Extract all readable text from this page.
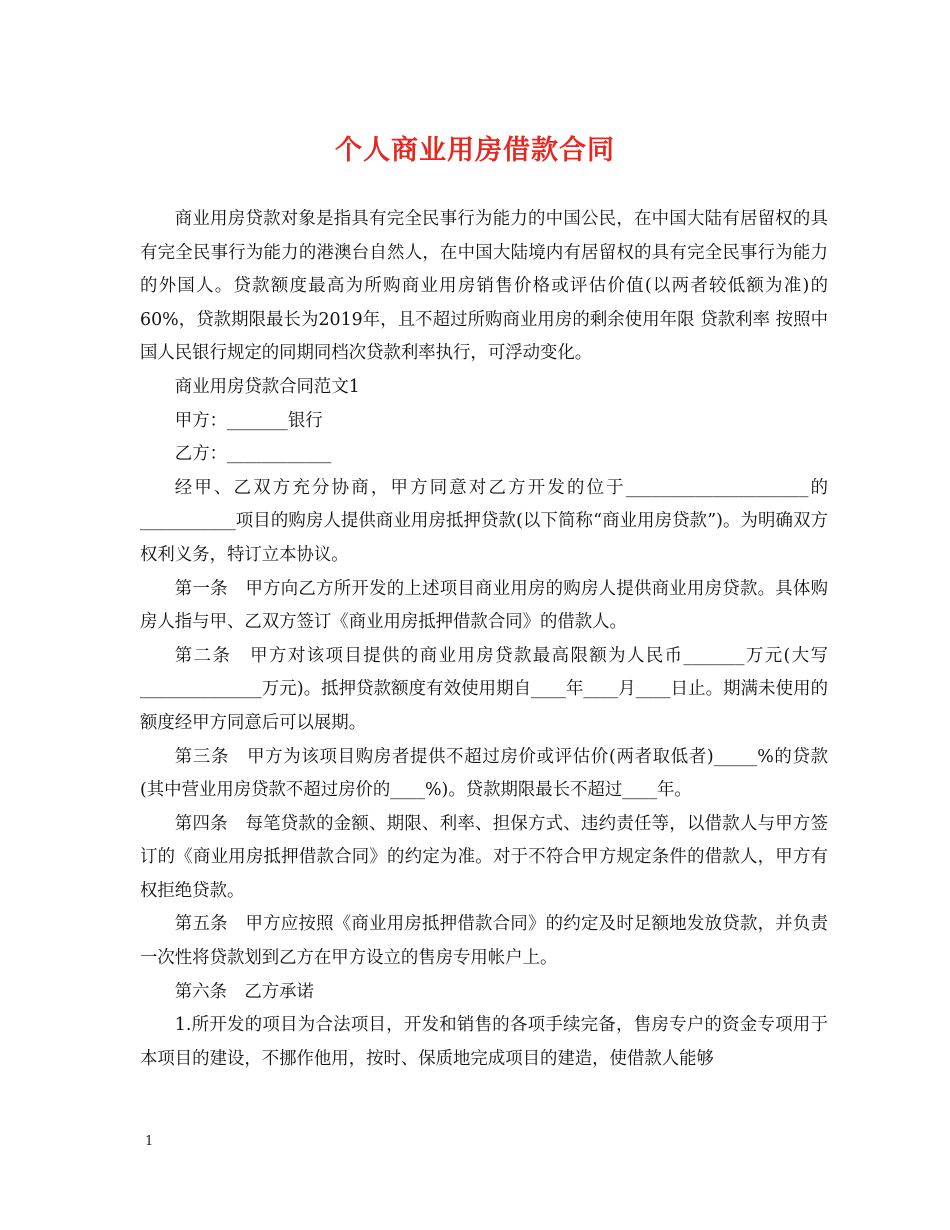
个人商业用房借款合同

商业用房贷款对象是指具有完全民事行为能力的中国公民，在中国大陆有居留权的具有完全民事行为能力的港澳台自然人，在中国大陆境内有居留权的具有完全民事行为能力的外国人。贷款额度最高为所购商业用房销售价格或评估价值(以两者较低额为准)的60%，贷款期限最长为2019年，且不超过所购商业用房的剩余使用年限 贷款利率 按照中国人民银行规定的同期同档次贷款利率执行，可浮动变化。

商业用房贷款合同范文1

甲方：_______银行

乙方：____________

经甲、乙双方充分协商，甲方同意对乙方开发的位于_____________________的___________项目的购房人提供商业用房抵押贷款(以下简称“商业用房贷款”)。为明确双方权利义务，特订立本协议。

第一条　甲方向乙方所开发的上述项目商业用房的购房人提供商业用房贷款。具体购房人指与甲、乙双方签订《商业用房抵押借款合同》的借款人。

第二条　甲方对该项目提供的商业用房贷款最高限额为人民币_______万元(大写______________万元)。抵押贷款额度有效使用期自____年____月____日止。期满未使用的额度经甲方同意后可以展期。

第三条　甲方为该项目购房者提供不超过房价或评估价(两者取低者)_____%的贷款(其中营业用房贷款不超过房价的____%)。贷款期限最长不超过____年。

第四条　每笔贷款的金额、期限、利率、担保方式、违约责任等，以借款人与甲方签订的《商业用房抵押借款合同》的约定为准。对于不符合甲方规定条件的借款人，甲方有权拒绝贷款。

第五条　甲方应按照《商业用房抵押借款合同》的约定及时足额地发放贷款，并负责一次性将贷款划到乙方在甲方设立的售房专用帐户上。

第六条　乙方承诺

1.所开发的项目为合法项目，开发和销售的各项手续完备，售房专户的资金专项用于本项目的建设，不挪作他用，按时、保质地完成项目的建造，使借款人能够

1
